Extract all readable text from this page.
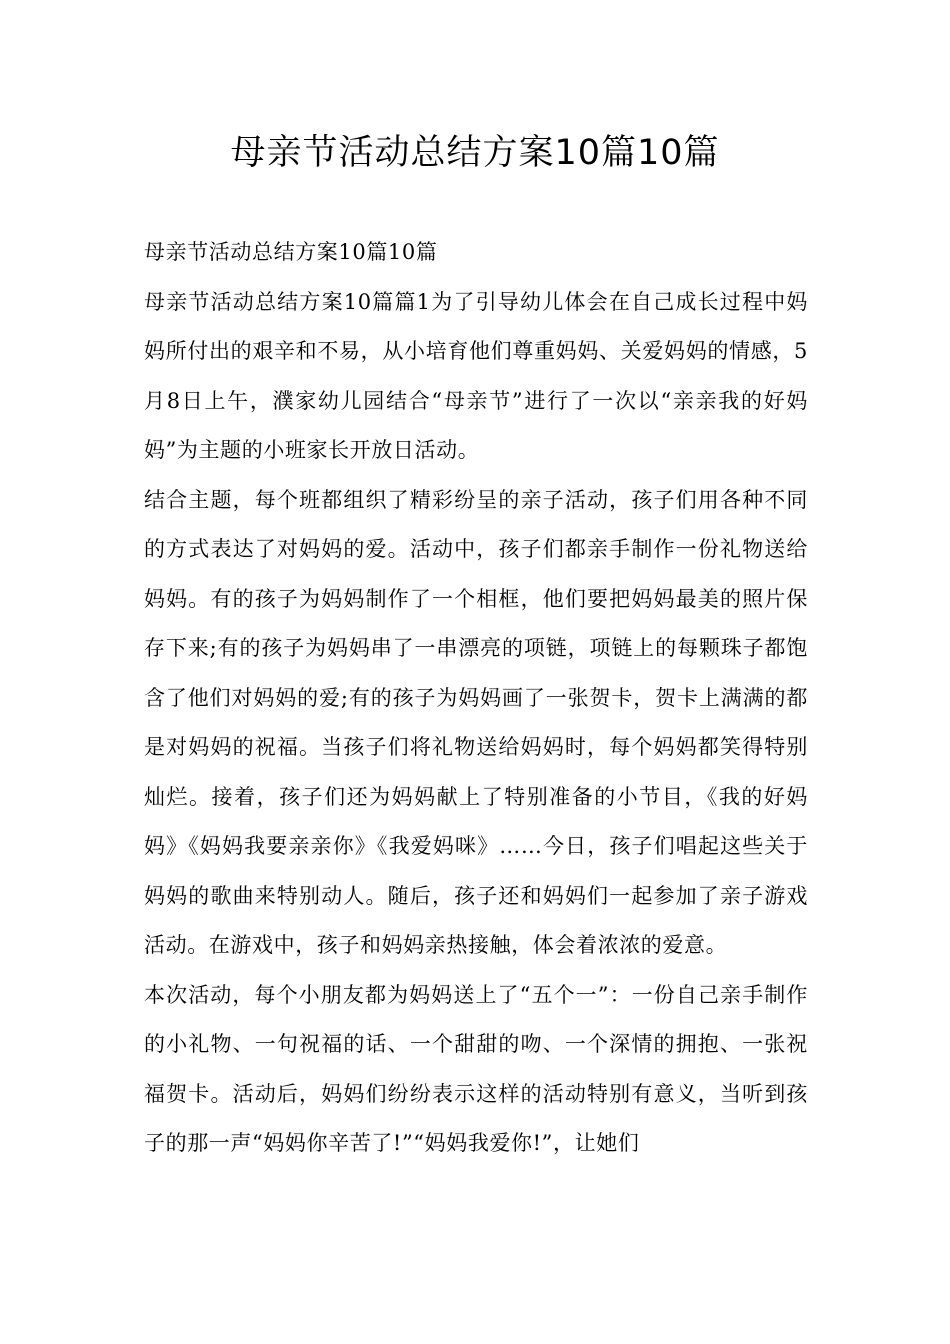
母亲节活动总结方案10篇10篇

母亲节活动总结方案10篇10篇

母亲节活动总结方案10篇篇1为了引导幼儿体会在自己成长过程中妈妈所付出的艰辛和不易，从小培育他们尊重妈妈、关爱妈妈的情感，5月8日上午，濮家幼儿园结合“母亲节”进行了一次以“亲亲我的好妈妈”为主题的小班家长开放日活动。

结合主题，每个班都组织了精彩纷呈的亲子活动，孩子们用各种不同的方式表达了对妈妈的爱。活动中，孩子们都亲手制作一份礼物送给妈妈。有的孩子为妈妈制作了一个相框，他们要把妈妈最美的照片保存下来;有的孩子为妈妈串了一串漂亮的项链，项链上的每颗珠子都饱含了他们对妈妈的爱;有的孩子为妈妈画了一张贺卡，贺卡上满满的都是对妈妈的祝福。当孩子们将礼物送给妈妈时，每个妈妈都笑得特别灿烂。接着，孩子们还为妈妈献上了特别准备的小节目，《我的好妈妈》《妈妈我要亲亲你》《我爱妈咪》……今日，孩子们唱起这些关于妈妈的歌曲来特别动人。随后，孩子还和妈妈们一起参加了亲子游戏活动。在游戏中，孩子和妈妈亲热接触，体会着浓浓的爱意。

本次活动，每个小朋友都为妈妈送上了“五个一”：一份自己亲手制作的小礼物、一句祝福的话、一个甜甜的吻、一个深情的拥抱、一张祝福贺卡。活动后，妈妈们纷纷表示这样的活动特别有意义，当听到孩子的那一声“妈妈你辛苦了!”“妈妈我爱你!”，让她们
